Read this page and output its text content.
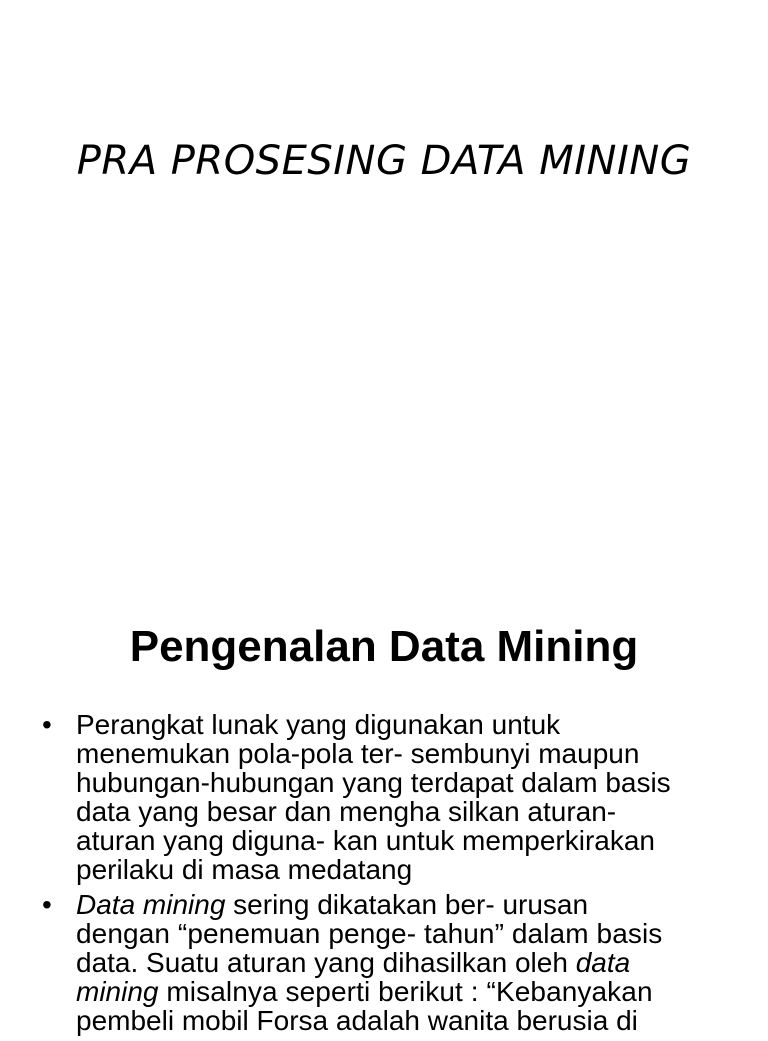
PRA PROSESING DATA MINING
Pengenalan Data Mining
• Perangkat lunak yang digunakan untuk
menemukan pola-pola ter- sembunyi maupun
hubungan-hubungan yang terdapat dalam basis
data yang besar dan mengha silkan aturan-
aturan yang diguna- kan untuk memperkirakan
perilaku di masa medatang
• Data mining sering dikatakan ber- urusan
dengan “penemuan penge- tahun” dalam basis
data. Suatu aturan yang dihasilkan oleh data
mining misalnya seperti berikut : “Kebanyakan
pembeli mobil Forsa adalah wanita berusia di
